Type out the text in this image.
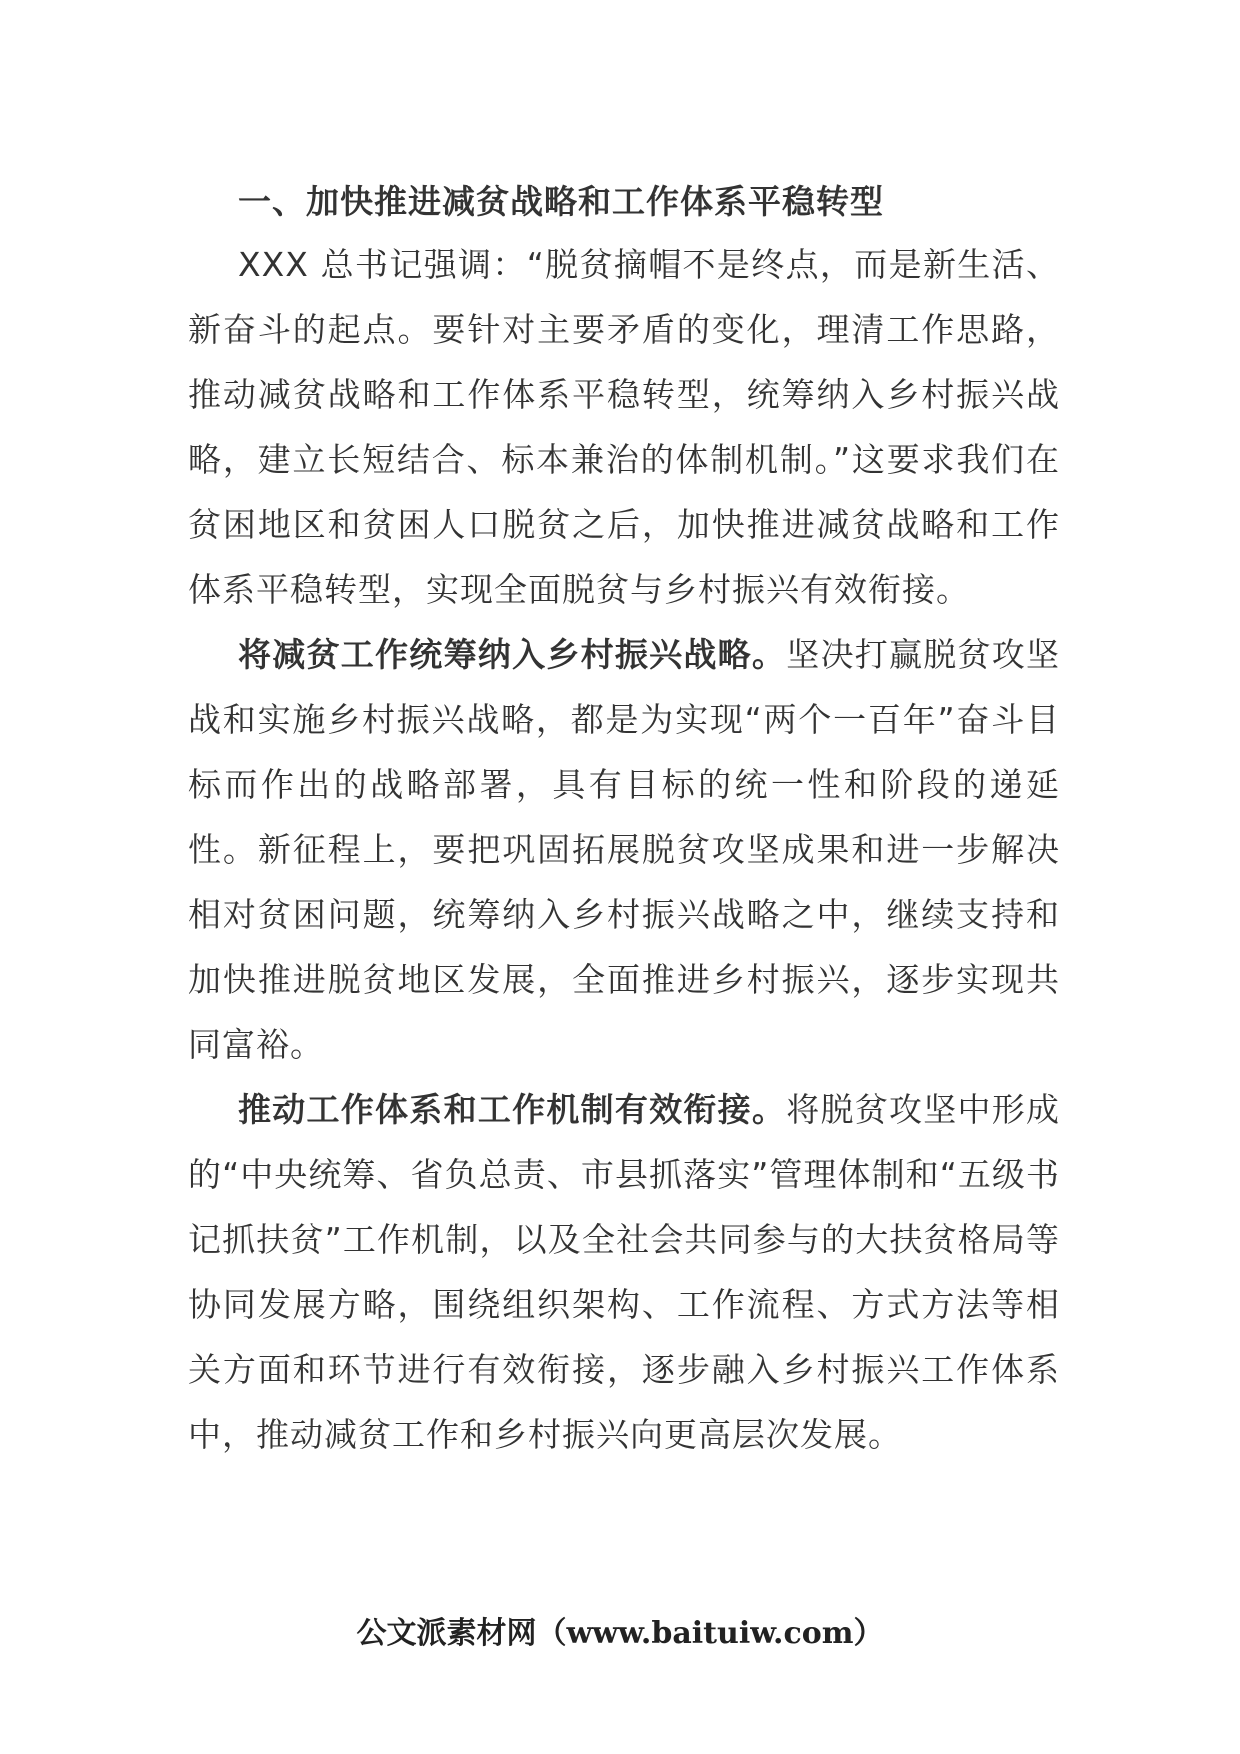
一、加快推进减贫战略和工作体系平稳转型

XXX 总书记强调：“脱贫摘帽不是终点，而是新生活、新奋斗的起点。要针对主要矛盾的变化，理清工作思路，推动减贫战略和工作体系平稳转型，统筹纳入乡村振兴战略，建立长短结合、标本兼治的体制机制。”这要求我们在贫困地区和贫困人口脱贫之后，加快推进减贫战略和工作体系平稳转型，实现全面脱贫与乡村振兴有效衔接。

将减贫工作统筹纳入乡村振兴战略。坚决打赢脱贫攻坚战和实施乡村振兴战略，都是为实现“两个一百年”奋斗目标而作出的战略部署，具有目标的统一性和阶段的递延性。新征程上，要把巩固拓展脱贫攻坚成果和进一步解决相对贫困问题，统筹纳入乡村振兴战略之中，继续支持和加快推进脱贫地区发展，全面推进乡村振兴，逐步实现共同富裕。

推动工作体系和工作机制有效衔接。将脱贫攻坚中形成的“中央统筹、省负总责、市县抓落实”管理体制和“五级书记抓扶贫”工作机制，以及全社会共同参与的大扶贫格局等协同发展方略，围绕组织架构、工作流程、方式方法等相关方面和环节进行有效衔接，逐步融入乡村振兴工作体系中，推动减贫工作和乡村振兴向更高层次发展。

公文派素材网（www.baituiw.com）
